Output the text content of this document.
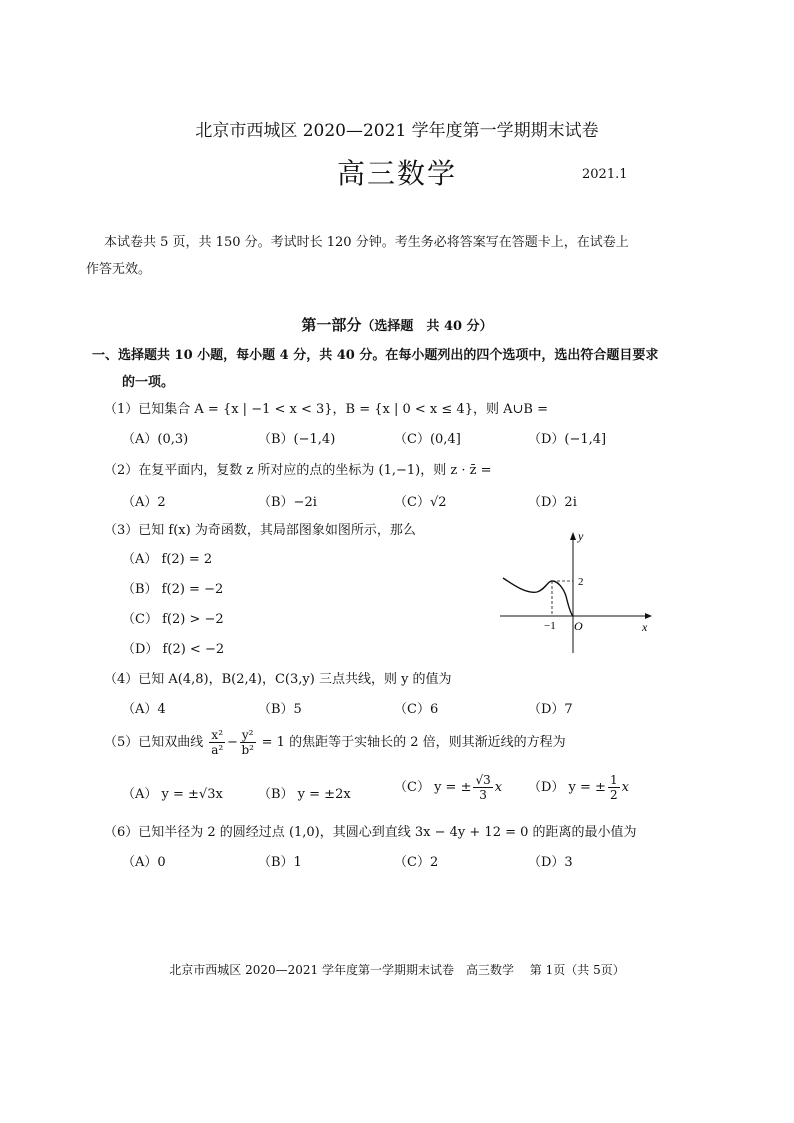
北京市西城区 2020—2021 学年度第一学期期末试卷
高三数学	2021.1
本试卷共 5 页，共 150 分。考试时长 120 分钟。考生务必将答案写在答题卡上，在试卷上
作答无效。
第一部分（选择题　共 40 分）
一、选择题共 10 小题，每小题 4 分，共 40 分。在每小题列出的四个选项中，选出符合题目要求
的一项。
（1）已知集合 A = {x | −1 < x < 3}，B = {x | 0 < x ≤ 4}，则 A∪B =
（A）(0,3)	（B）(−1,4)	（C）(0,4]	（D）(−1,4]
（2）在复平面内，复数 z 所对应的点的坐标为 (1,−1)，则 z · z̄ =
（A）2	（B）−2i	（C）√2	（D）2i
（3）已知 f(x) 为奇函数，其局部图象如图所示，那么
（A） f(2) = 2
（B） f(2) = −2
（C） f(2) > −2
（D） f(2) < −2
y
x
O
2
−1
（4）已知 A(4,8)，B(2,4)，C(3,y) 三点共线，则 y 的值为
（A）4	（B）5	（C）6	（D）7
（5）已知双曲线 $\frac{\text{x²}}{\text{a²}} - \frac{\text{y²}}{\text{b²}} = 1$ 的焦距等于实轴长的 2 倍，则其渐近线的方程为
（A） y = ±√3x	（B） y = ±2x	（C） y = ± $\frac{√3}{3}$ x （D） y = ± $\frac{1}{2}$ x
（6）已知半径为 2 的圆经过点 (1,0)，其圆心到直线 3x − 4y + 12 = 0 的距离的最小值为
（A）0	（B）1	（C）2	（D）3
北京市西城区 2020—2021 学年度第一学期期末试卷　高三数学　 第 1页（共 5页）
